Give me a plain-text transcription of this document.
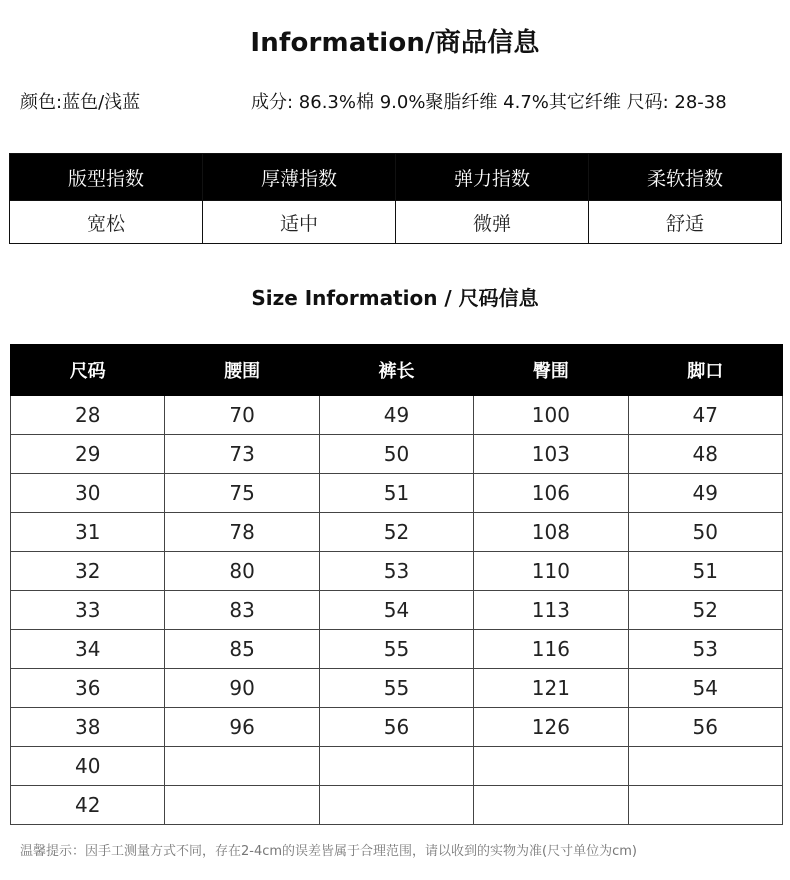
Information/商品信息
颜色:蓝色/浅蓝	成分: 86.3%棉 9.0%聚脂纤维 4.7%其它纤维 尺码: 28-38
版型指数	厚薄指数	弹力指数	柔软指数
宽松	适中	微弹	舒适
Size Information / 尺码信息
尺码	腰围	裤长	臀围	脚口
28	70	49	100	47
29	73	50	103	48
30	75	51	106	49
31	78	52	108	50
32	80	53	110	51
33	83	54	113	52
34	85	55	116	53
36	90	55	121	54
38	96	56	126	56
40				
42				
温馨提示：因手工测量方式不同，存在2-4cm的误差皆属于合理范围，请以收到的实物为准(尺寸单位为cm)
